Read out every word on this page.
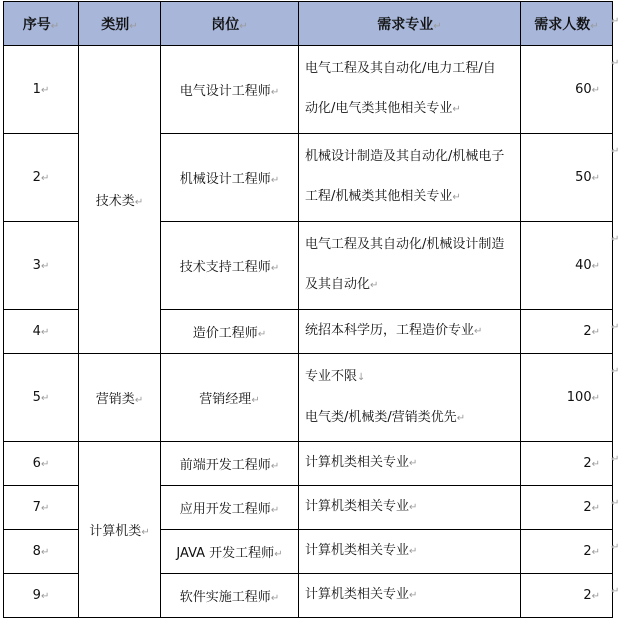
序号↵	类别↵	岗位↵	需求专业↵	需求人数↵
1↵	技术类↵	电气设计工程师↵	电气工程及其自动化/电力工程/自
动化/电气类其他相关专业↵	60↵
2↵		机械设计工程师↵	机械设计制造及其自动化/机械电子
工程/机械类其他相关专业↵	50↵
3↵		技术支持工程师↵	电气工程及其自动化/机械设计制造
及其自动化↵	40↵
4↵		造价工程师↵	统招本科学历，工程造价专业↵	2↵
5↵	营销类↵	营销经理↵	专业不限↓
电气类/机械类/营销类优先↵	100↵
6↵	计算机类↵	前端开发工程师↵	计算机类相关专业↵	2↵
7↵		应用开发工程师↵	计算机类相关专业↵	2↵
8↵		JAVA 开发工程师↵	计算机类相关专业↵	2↵
9↵		软件实施工程师↵	计算机类相关专业↵	2↵
↵
↵
↵
↵
↵
↵
↵
↵
↵
↵
